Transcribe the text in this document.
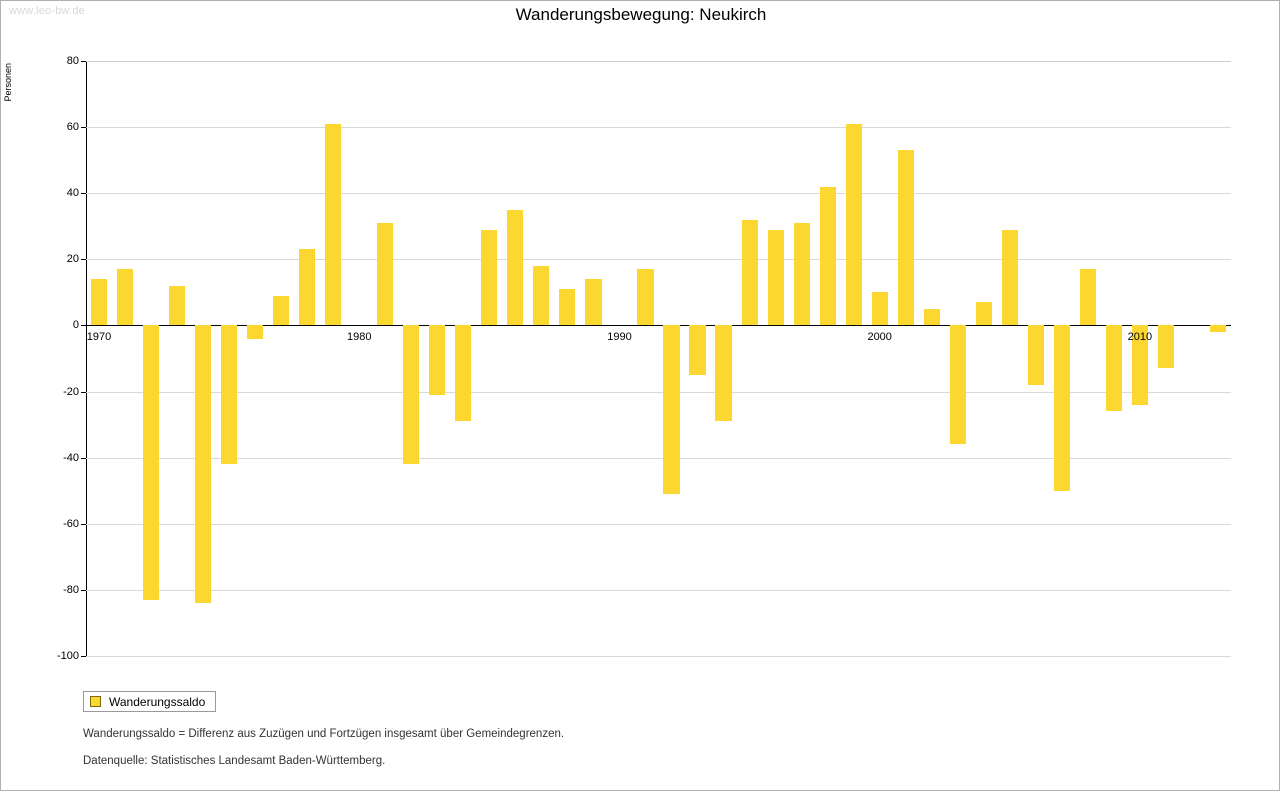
www.leo-bw.de	Wanderungsbewegung: Neukirch
Personen
80
60
40
20
0
-20
-40
-60
-80
-100
1970	1980	1990	2000	2010
Wanderungssaldo
Wanderungssaldo = Differenz aus Zuzügen und Fortzügen insgesamt über Gemeindegrenzen.
Datenquelle: Statistisches Landesamt Baden-Württemberg.
